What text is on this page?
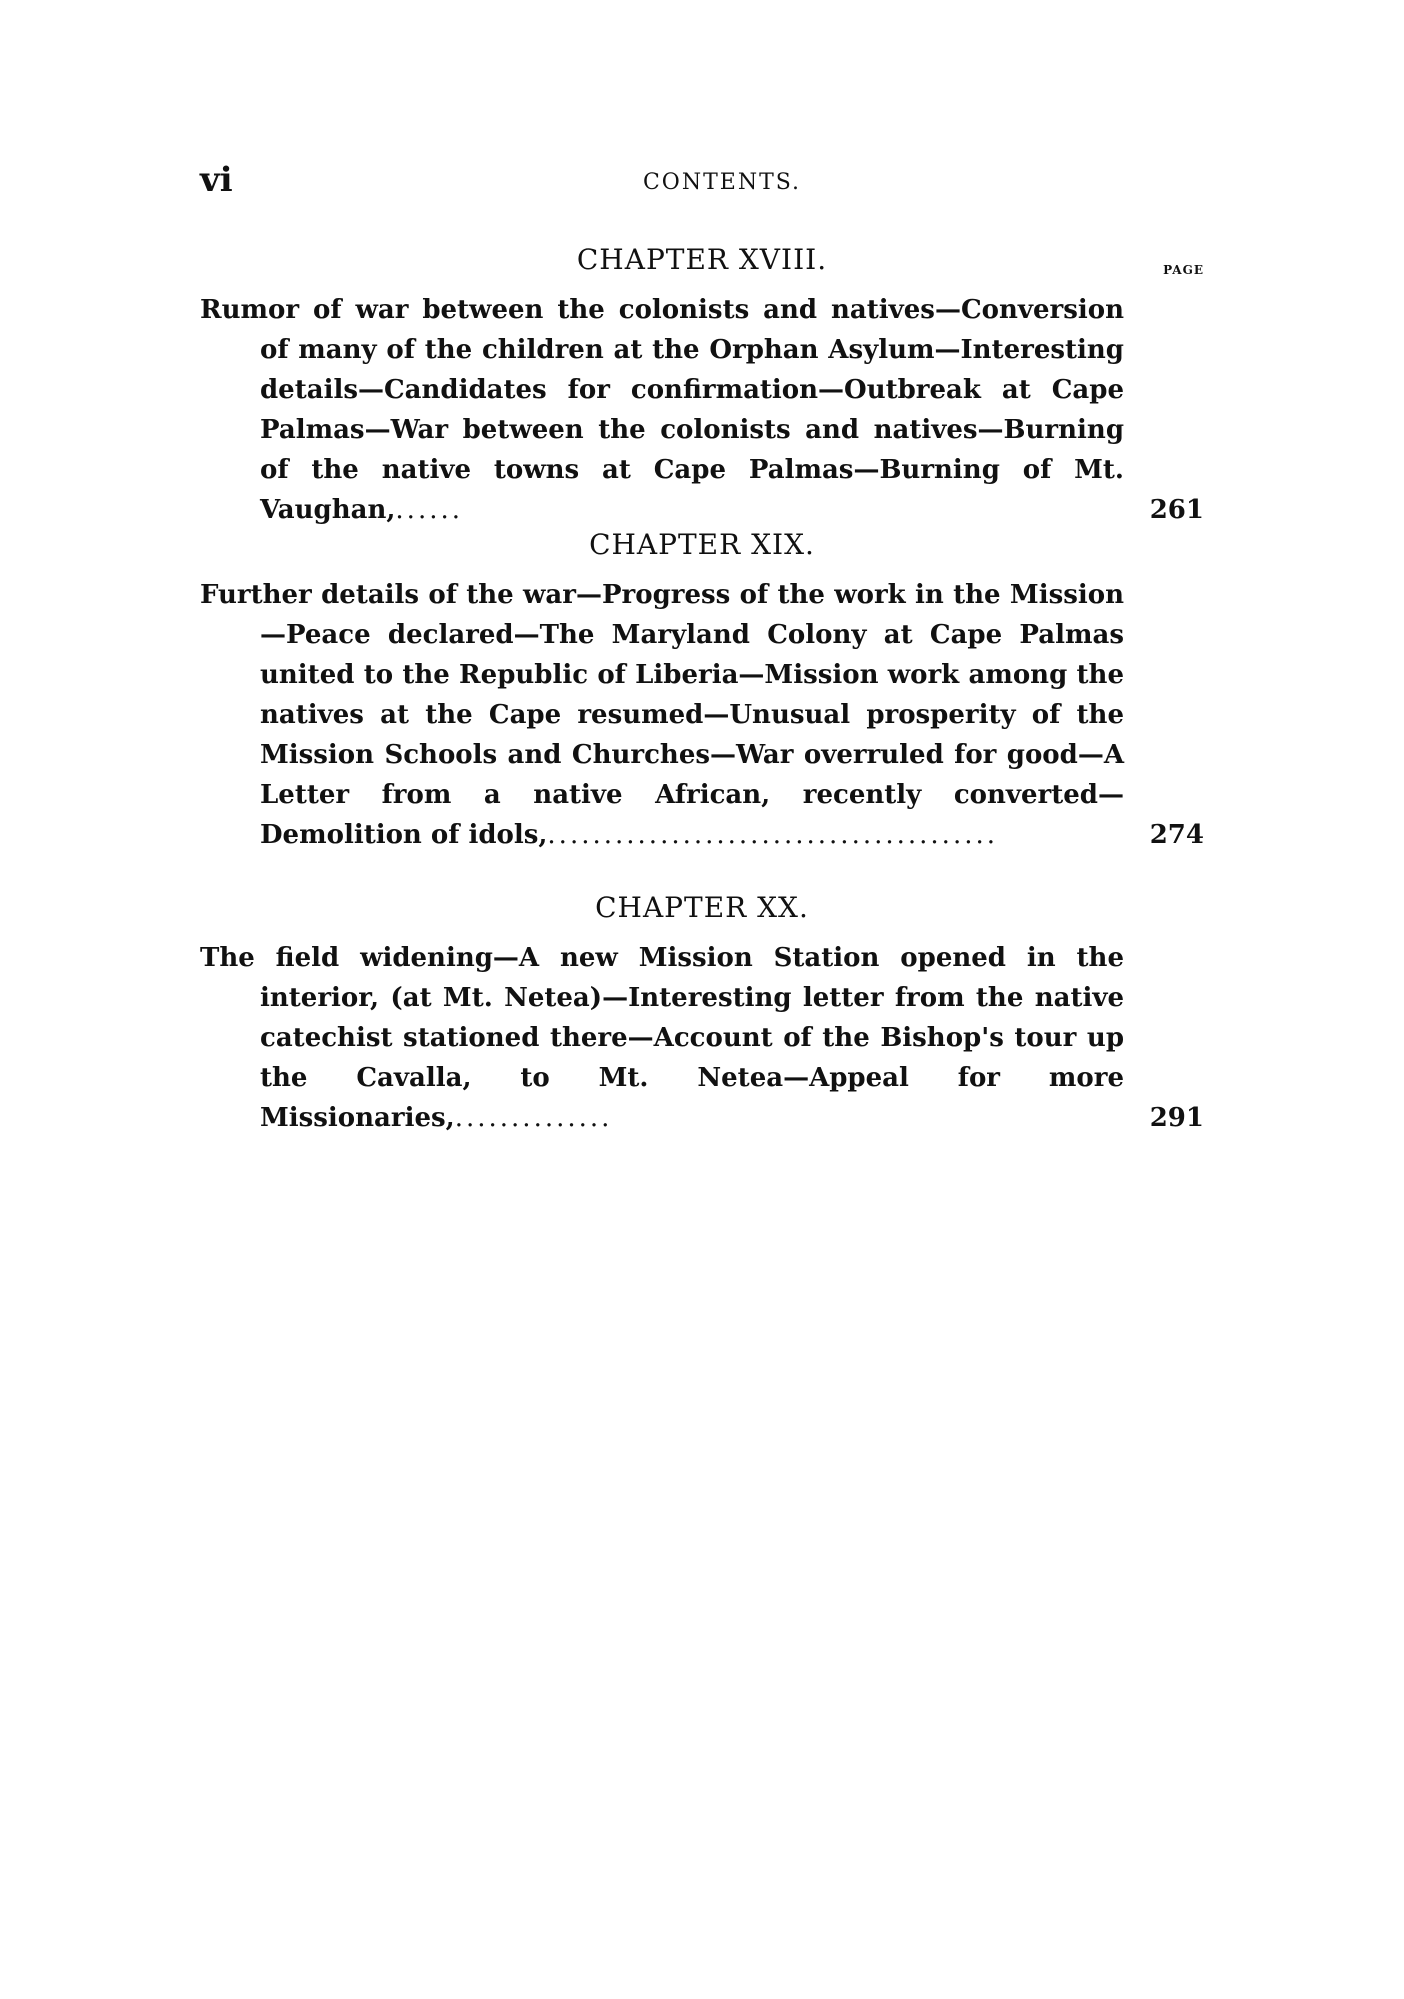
vi	CONTENTS.
CHAPTER XVIII.	PAGE
Rumor of war between the colonists and natives—Conversion of many of the children at the Orphan Asylum—Interesting details—Candidates for confirmation—Outbreak at Cape Palmas—War between the colonists and natives—Burning of the native towns at Cape Palmas—Burning of Mt. Vaughan,......	261
CHAPTER XIX.
Further details of the war—Progress of the work in the Mission—Peace declared—The Maryland Colony at Cape Palmas united to the Republic of Liberia—Mission work among the natives at the Cape resumed—Unusual prosperity of the Mission Schools and Churches—War overruled for good—A Letter from a native African, recently converted—Demolition of idols,........................................	274
CHAPTER XX.
The field widening—A new Mission Station opened in the interior, (at Mt. Netea)—Interesting letter from the native catechist stationed there—Account of the Bishop's tour up the Cavalla, to Mt. Netea—Appeal for more Missionaries,..............	291
